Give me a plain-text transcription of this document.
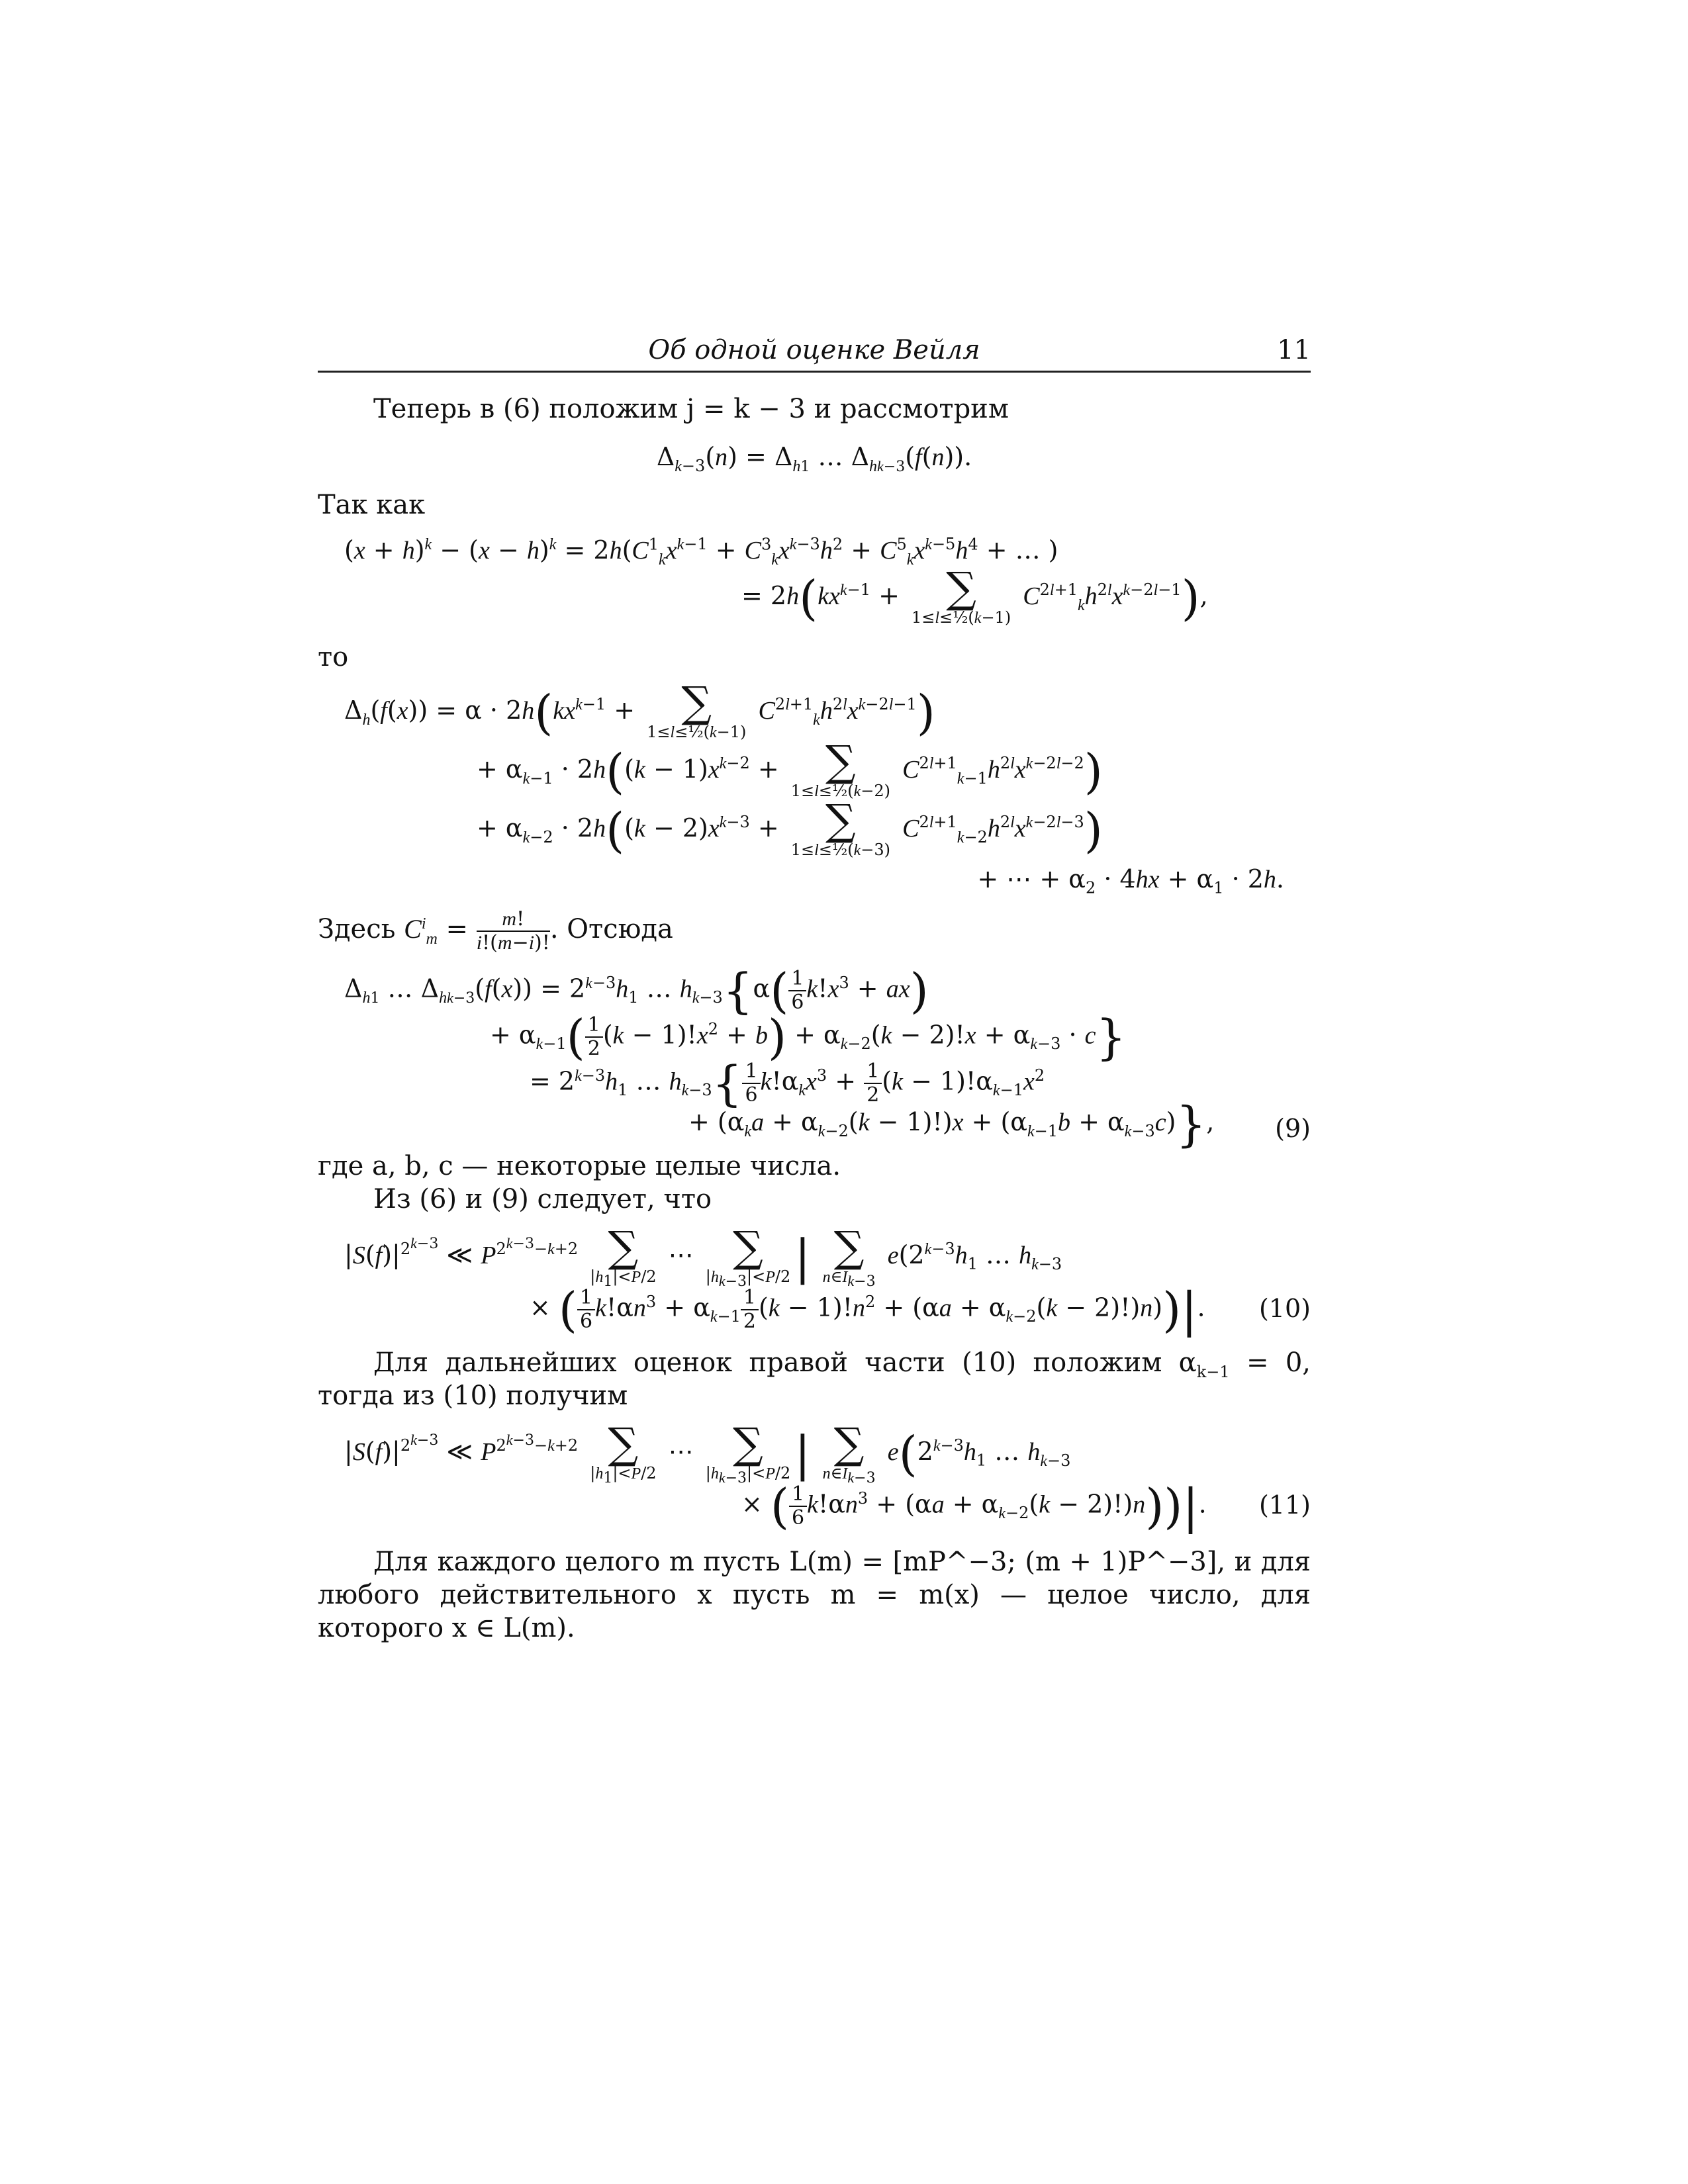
Об одной оценке Вейля	11
Теперь в (6) положим j = k − 3 и рассмотрим
$\Delta_{k-3}(n) = \Delta_{h1}$ … $\Delta_{hk-3}(f(n))$.
Так как
$(x + h)^k - (x - h)^k = 2h(C^1_kx^{k-1} + C^3_kx^{k-3}h^2 + C^5_kx^{k-5}h^4$ + … )
= $2h(kx^{k-1}$ + ∑
1≤l≤½(k−1)
$C^{2l+1}_kh^{2l}x^{k-2l-1}$),
то
$\Delta_h(f(x)) = \alpha \cdot 2h(kx^{k-1}$ + ∑
1≤l≤½(k−1)
$C^{2l+1}_kh^{2l}x^{k-2l-1}$)
+ $\alpha_{k-1} \cdot 2h((k - 1)x^{k-2}$ + ∑
1≤l≤½(k−2)
$C^{2l+1}_{k-1}h^{2l}x^{k-2l-2}$)
+ $\alpha_{k-2} \cdot 2h((k - 2)x^{k-3}$ + ∑
1≤l≤½(k−3)
$C^{2l+1}_{k-2}h^{2l}x^{k-2l-3}$)
+ ⋯ + $\alpha_2 \cdot 4hx + \alpha_1 \cdot 2h$.
Здесь $C^i_m = \frac{m!}{i!(m-i)!}$ . Отсюда
$\Delta_{h1}$ … $\Delta_{hk-3}(f(x)) = 2^{k-3}h_1$ … $h_{k-3}\{\alpha( \frac{1}{6} k!x^3 + ax)$
+ $\alpha_{k-1}( \frac{1}{2} (k - 1)!x^2 + b) + \alpha_{k-2}(k - 2)!x + \alpha_{k-3} \cdot c$}
= $2^{k-3}h_1$ … $h_{k-3}\{ \frac{1}{6} k!\alpha_kx^3 + \frac{1}{2} (k - 1)!\alpha_{k-1}x^2$
+ $(\alpha_ka + \alpha_{k-2}(k - 1)!)x + (\alpha_{k-1}b + \alpha_{k-3}c)$}, (9)
где a, b, c — некоторые целые числа.
Из (6) и (9) следует, что
$|S(f)|^{2^{k-3}}$ ≪ $P^{2^{k-3}-k+2}$ ∑
$|h_1|<P/2$
⋯ ∑
$|h_{k-3}|<P/2$ | ∑
$n\in I_{k-3}$
$e(2^{k-3}h_1$ … $h_{k-3}$
× ( $\frac{1}{6} k!\alpha n^3 + \alpha_{k-1} \frac{1}{2} (k - 1)!n^2 + (\alpha a + \alpha_{k-2}(k - 2)!)n))|$. (10)
Для дальнейших оценок правой части (10) положим $\alpha_{k-1} = 0$, тогда из (10) получим
$|S(f)|^{2^{k-3}}$ ≪ $P^{2^{k-3}-k+2}$ ∑
$|h_1|<P/2$
⋯ ∑
$|h_{k-3}|<P/2$ | ∑
$n\in I_{k-3}$
$e(2^{k-3}h_1$ … $h_{k-3}$
× ( $\frac{1}{6} k!\alpha n^3 + (\alpha a + \alpha_{k-2}(k - 2)!)n))|$. (11)
Для каждого целого m пусть L(m) = [mP^−3; (m + 1)P^−3], и для любого действительного x пусть m = m(x) — целое число, для которого x ∈ L(m).
